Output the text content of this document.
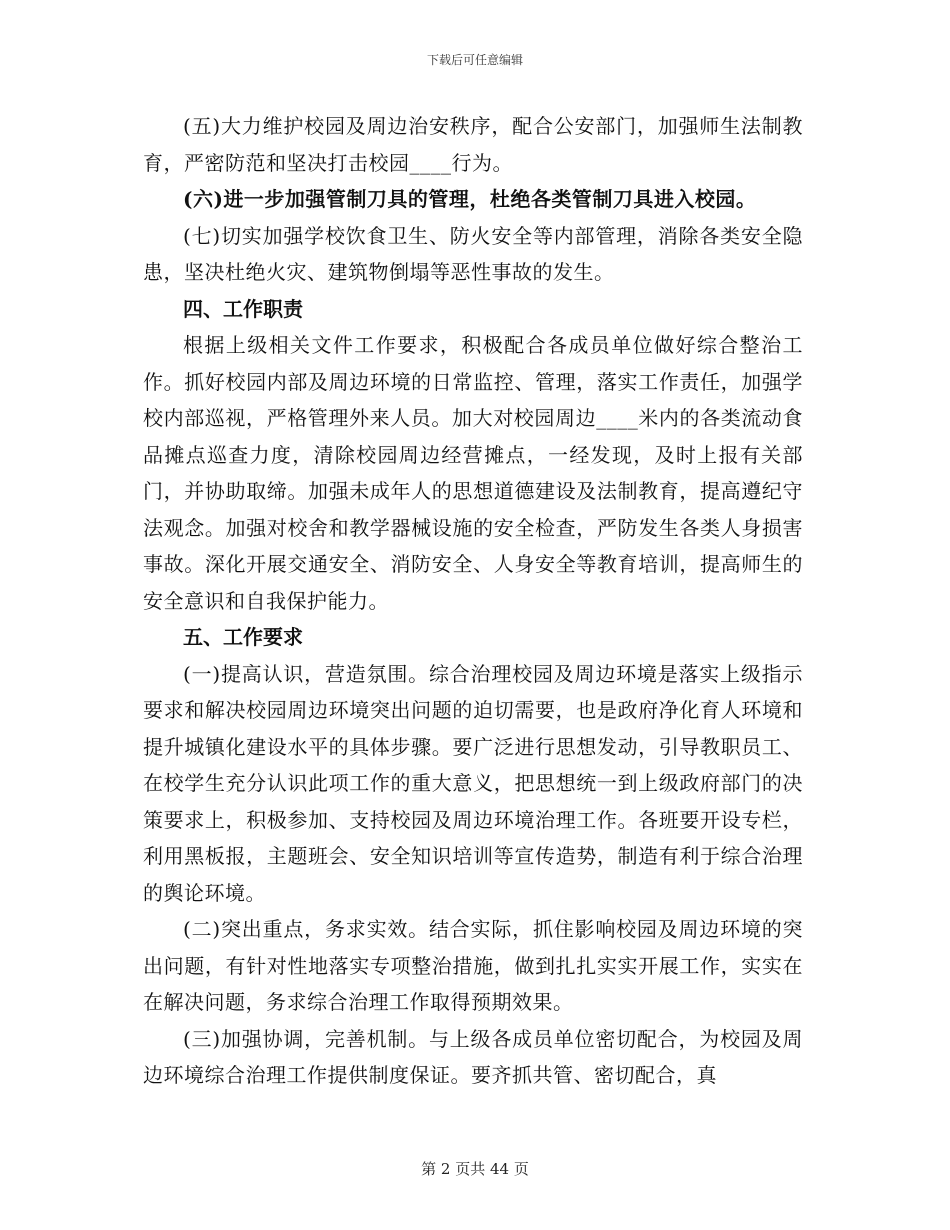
下载后可任意编辑

(五)大力维护校园及周边治安秩序，配合公安部门，加强师生法制教育，严密防范和坚决打击校园____行为。

(六)进一步加强管制刀具的管理，杜绝各类管制刀具进入校园。

(七)切实加强学校饮食卫生、防火安全等内部管理，消除各类安全隐患，坚决杜绝火灾、建筑物倒塌等恶性事故的发生。

四、工作职责

根据上级相关文件工作要求，积极配合各成员单位做好综合整治工作。抓好校园内部及周边环境的日常监控、管理，落实工作责任，加强学校内部巡视，严格管理外来人员。加大对校园周边____米内的各类流动食品摊点巡查力度，清除校园周边经营摊点，一经发现，及时上报有关部门，并协助取缔。加强未成年人的思想道德建设及法制教育，提高遵纪守法观念。加强对校舍和教学器械设施的安全检查，严防发生各类人身损害事故。深化开展交通安全、消防安全、人身安全等教育培训，提高师生的安全意识和自我保护能力。

五、工作要求

(一)提高认识，营造氛围。综合治理校园及周边环境是落实上级指示要求和解决校园周边环境突出问题的迫切需要，也是政府净化育人环境和提升城镇化建设水平的具体步骤。要广泛进行思想发动，引导教职员工、在校学生充分认识此项工作的重大意义，把思想统一到上级政府部门的决策要求上，积极参加、支持校园及周边环境治理工作。各班要开设专栏，利用黑板报，主题班会、安全知识培训等宣传造势，制造有利于综合治理的舆论环境。

(二)突出重点，务求实效。结合实际，抓住影响校园及周边环境的突出问题，有针对性地落实专项整治措施，做到扎扎实实开展工作，实实在在解决问题，务求综合治理工作取得预期效果。

(三)加强协调，完善机制。与上级各成员单位密切配合，为校园及周边环境综合治理工作提供制度保证。要齐抓共管、密切配合，真

第 2 页共 44 页
